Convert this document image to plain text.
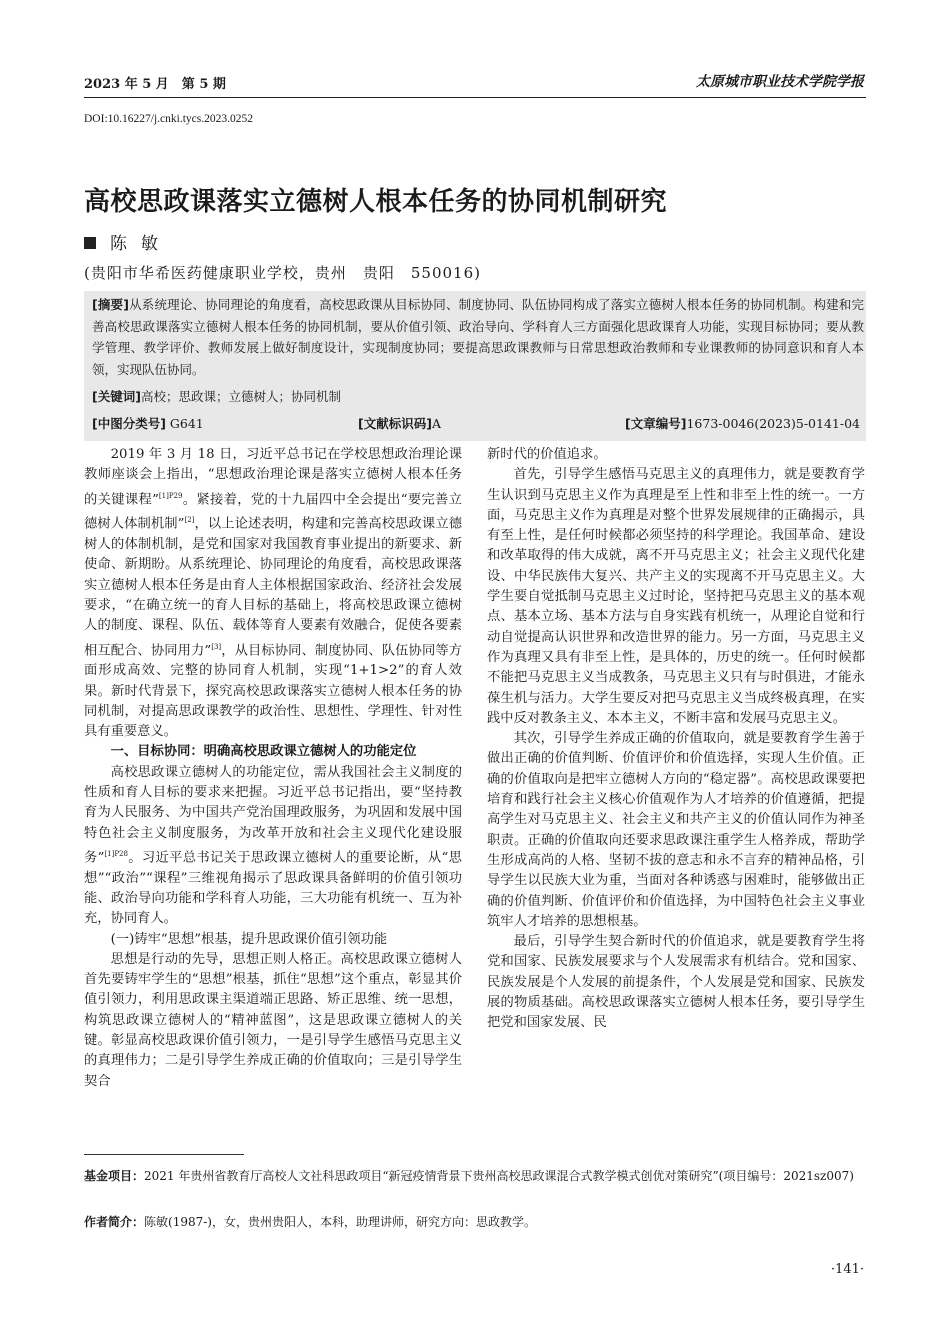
2023 年 5 月　第 5 期	太原城市职业技术学院学报
DOI:10.16227/j.cnki.tycs.2023.0252
高校思政课落实立德树人根本任务的协同机制研究
陈敏
(贵阳市华希医药健康职业学校，贵州　贵阳　550016)
[摘要]从系统理论、协同理论的角度看，高校思政课从目标协同、制度协同、队伍协同构成了落实立德树人根本任务的协同机制。构建和完善高校思政课落实立德树人根本任务的协同机制，要从价值引领、政治导向、学科育人三方面强化思政课育人功能，实现目标协同；要从教学管理、教学评价、教师发展上做好制度设计，实现制度协同；要提高思政课教师与日常思想政治教师和专业课教师的协同意识和育人本领，实现队伍协同。
[关键词]高校；思政课；立德树人；协同机制
[中图分类号] G641	[文献标识码]A	[文章编号]1673-0046(2023)5-0141-04

2019 年 3 月 18 日，习近平总书记在学校思想政治理论课教师座谈会上指出，“思想政治理论课是落实立德树人根本任务的关键课程”$^{[1]P29}$。紧接着，党的十九届四中全会提出“要完善立德树人体制机制”[2]，以上论述表明，构建和完善高校思政课立德树人的体制机制，是党和国家对我国教育事业提出的新要求、新使命、新期盼。从系统理论、协同理论的角度看，高校思政课落实立德树人根本任务是由育人主体根据国家政治、经济社会发展要求，“在确立统一的育人目标的基础上，将高校思政课立德树人的制度、课程、队伍、载体等育人要素有效融合，促使各要素相互配合、协同用力”[3]，从目标协同、制度协同、队伍协同等方面形成高效、完整的协同育人机制，实现“1+1>2”的育人效果。新时代背景下，探究高校思政课落实立德树人根本任务的协同机制，对提高思政课教学的政治性、思想性、学理性、针对性具有重要意义。

一、目标协同：明确高校思政课立德树人的功能定位

高校思政课立德树人的功能定位，需从我国社会主义制度的性质和育人目标的要求来把握。习近平总书记指出，要“坚持教育为人民服务、为中国共产党治国理政服务，为巩固和发展中国特色社会主义制度服务，为改革开放和社会主义现代化建设服务”$^{[1]P28}$。习近平总书记关于思政课立德树人的重要论断，从“思想”“政治”“课程”三维视角揭示了思政课具备鲜明的价值引领功能、政治导向功能和学科育人功能，三大功能有机统一、互为补充，协同育人。

(一)铸牢“思想”根基，提升思政课价值引领功能

思想是行动的先导，思想正则人格正。高校思政课立德树人首先要铸牢学生的“思想”根基，抓住“思想”这个重点，彰显其价值引领力，利用思政课主渠道端正思路、矫正思维、统一思想，构筑思政课立德树人的“精神蓝图”，这是思政课立德树人的关键。彰显高校思政课价值引领力，一是引导学生感悟马克思主义的真理伟力；二是引导学生养成正确的价值取向；三是引导学生契合

新时代的价值追求。

首先，引导学生感悟马克思主义的真理伟力，就是要教育学生认识到马克思主义作为真理是至上性和非至上性的统一。一方面，马克思主义作为真理是对整个世界发展规律的正确揭示，具有至上性，是任何时候都必须坚持的科学理论。我国革命、建设和改革取得的伟大成就，离不开马克思主义；社会主义现代化建设、中华民族伟大复兴、共产主义的实现离不开马克思主义。大学生要自觉抵制马克思主义过时论，坚持把马克思主义的基本观点、基本立场、基本方法与自身实践有机统一，从理论自觉和行动自觉提高认识世界和改造世界的能力。另一方面，马克思主义作为真理又具有非至上性，是具体的，历史的统一。任何时候都不能把马克思主义当成教条，马克思主义只有与时俱进，才能永葆生机与活力。大学生要反对把马克思主义当成终极真理，在实践中反对教条主义、本本主义，不断丰富和发展马克思主义。

其次，引导学生养成正确的价值取向，就是要教育学生善于做出正确的价值判断、价值评价和价值选择，实现人生价值。正确的价值取向是把牢立德树人方向的“稳定器”。高校思政课要把培育和践行社会主义核心价值观作为人才培养的价值遵循，把提高学生对马克思主义、社会主义和共产主义的价值认同作为神圣职责。正确的价值取向还要求思政课注重学生人格养成，帮助学生形成高尚的人格、坚韧不拔的意志和永不言弃的精神品格，引导学生以民族大业为重，当面对各种诱惑与困难时，能够做出正确的价值判断、价值评价和价值选择，为中国特色社会主义事业筑牢人才培养的思想根基。

最后，引导学生契合新时代的价值追求，就是要教育学生将党和国家、民族发展要求与个人发展需求有机结合。党和国家、民族发展是个人发展的前提条件，个人发展是党和国家、民族发展的物质基础。高校思政课落实立德树人根本任务，要引导学生把党和国家发展、民

基金项目：2021 年贵州省教育厅高校人文社科思政项目“新冠疫情背景下贵州高校思政课混合式教学模式创优对策研究”(项目编号：2021sz007)
作者简介：陈敏(1987-)，女，贵州贵阳人，本科，助理讲师，研究方向：思政教学。
·141·
